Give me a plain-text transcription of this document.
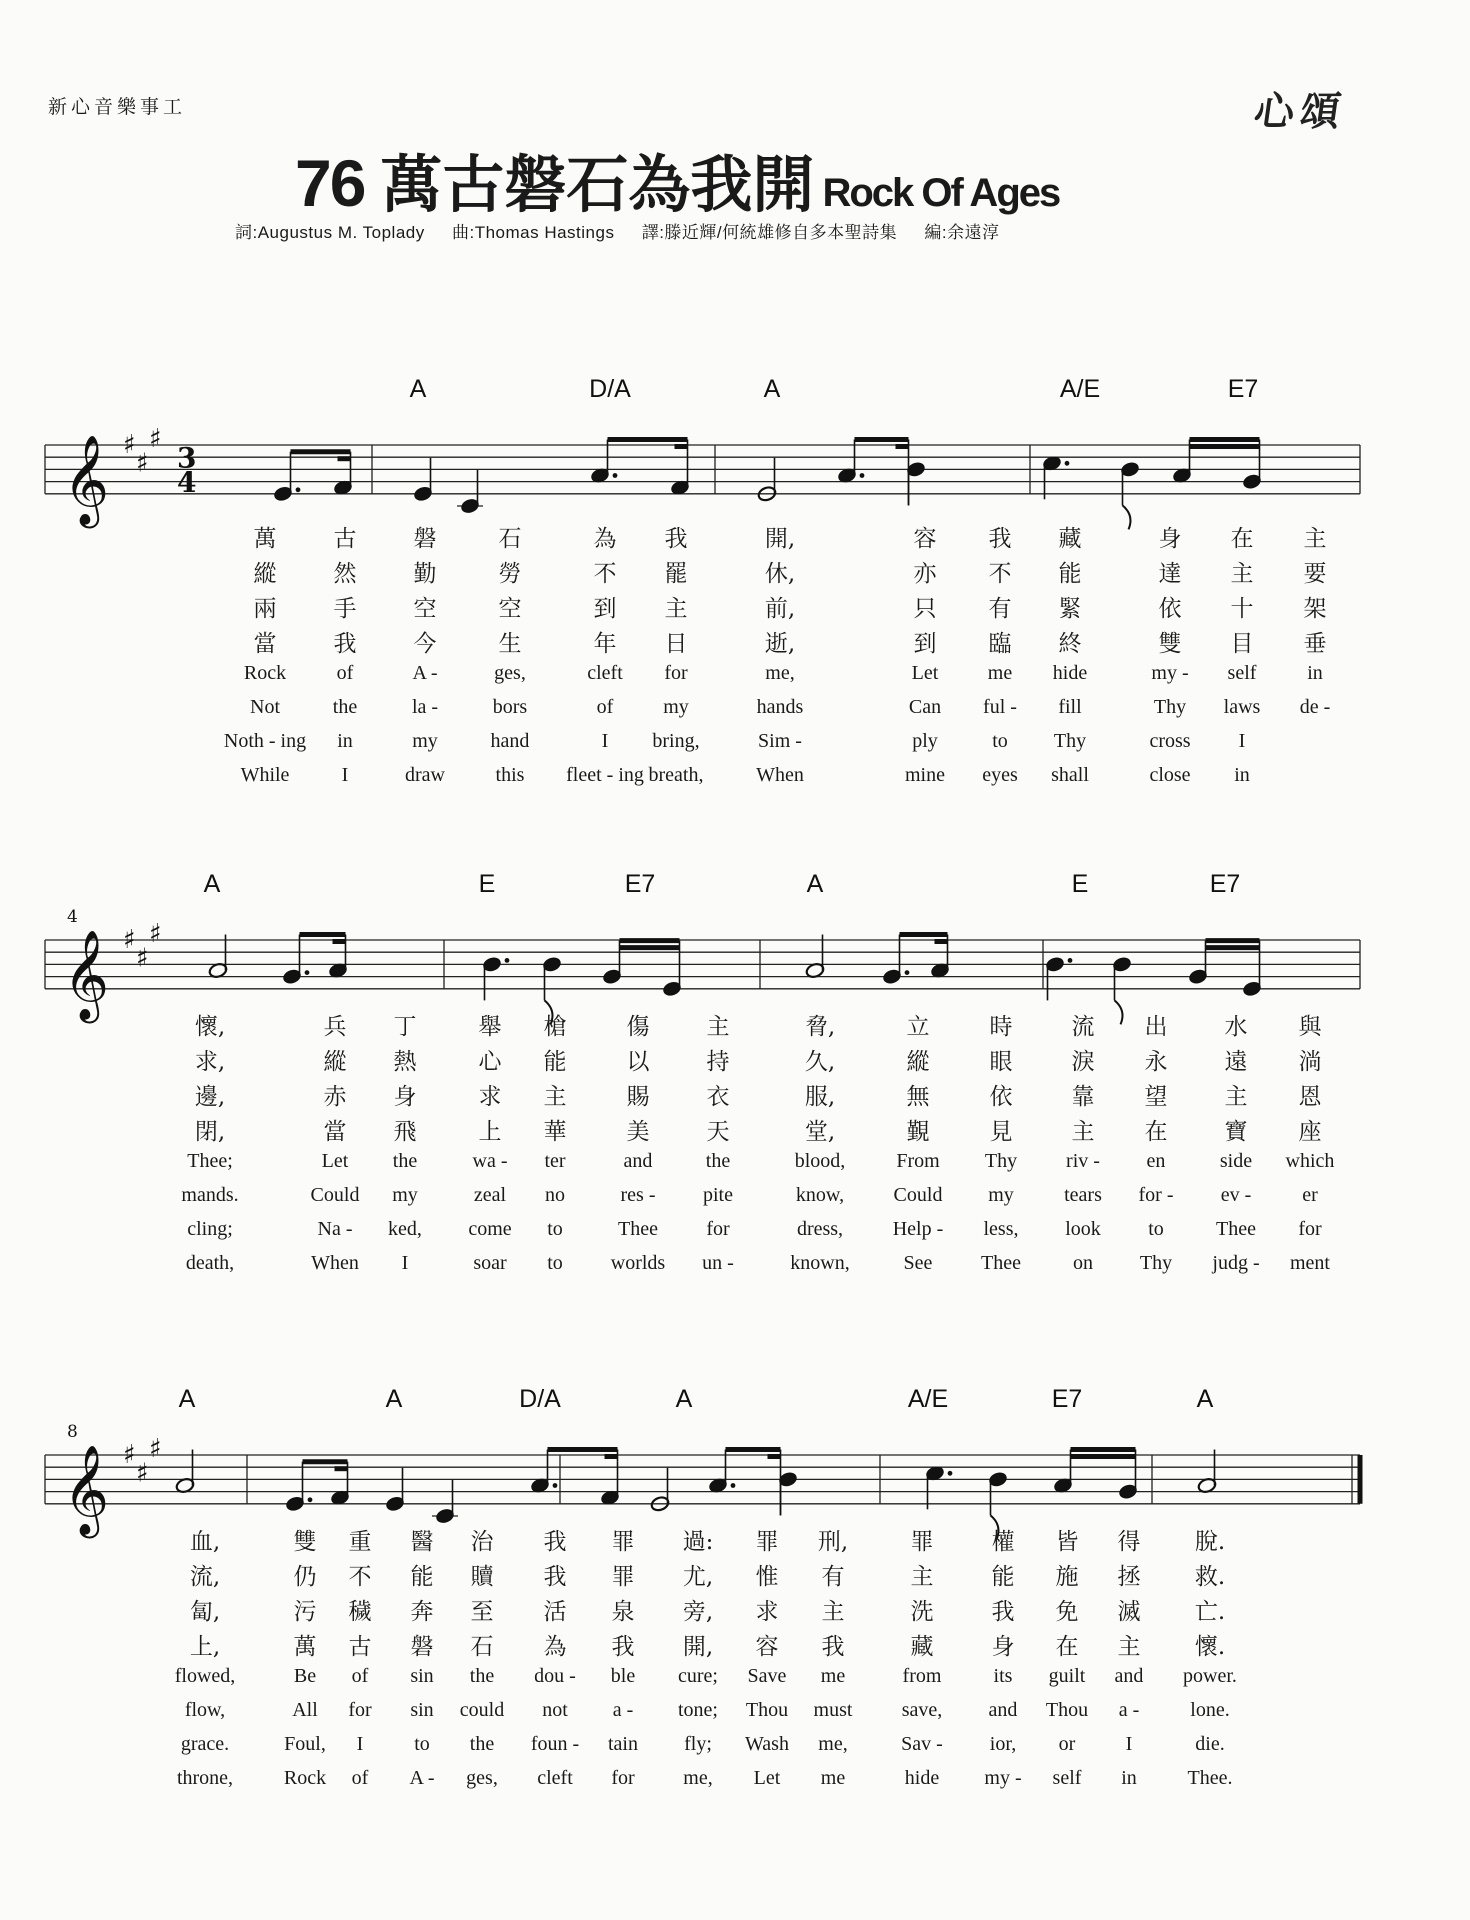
新心音樂事工	心頌
76 萬古磐石為我開 Rock Of Ages
詞:Augustus M. Toplady 曲:Thomas Hastings 譯:滕近輝/何統雄修自多本聖詩集 編:余遠淳
𝄞 ♯
♯
♯
3
4
A	D/A	A	A/E	E7
𝄞 ♯
♯
♯
4
A	E	E7	A	E	E7
𝄞 ♯
♯
♯
8
A	A	D/A	A	A/E	E7	A
萬 古 磐	石	為 我	開,	容 我 藏	身 在 主
縱 然 勤	勞	不 罷	休,	亦 不 能	達 主 要
兩 手 空	空	到 主	前,	只 有 緊	依 十 架
當 我 今	生	年 日	逝,	到 臨 終	雙 目 垂
Rock	of	A -	ges,	cleft for	me,	Let me hide	my - self	in
Not	the	la -	bors	of my	hands	Can ful - fill	Thy laws de -
Noth - ing in	my	hand	I bring,	Sim -	ply	to Thy	cross I
While	I	draw	this fleet - ing breath,	When	mine eyes shall	close in
懷,	兵 丁	舉 槍	傷 主	脅,	立	時	流 出 水 與
求,	縱 熱	心 能	以 持	久,	縱	眼	淚 永 遠 淌
邊,	赤 身	求 主	賜 衣	服,	無	依	靠 望 主 恩
閉,	當 飛	上 華	美 天	堂,	覲	見	主 在 寶 座
Thee;	Let the	wa - ter	and	the	blood,	From Thy riv - en	side which
mands.	Could my	zeal no	res - pite	know, Could my	tears for - ev -	er
cling;	Na - ked, come to	Thee for	dress, Help - less, look to	Thee for
death,	When I	soar to worlds un -	known,	See Thee	on Thy judg - ment
血,	雙 重 醫 治 我 罪 過: 罪 刑,	罪	權 皆 得 脫.
流,	仍 不 能 贖 我 罪 尤, 惟 有	主	能 施 拯 救.
匐,	污 穢 奔 至 活 泉 旁, 求 主	洗	我 免 滅 亡.
上,	萬 古 磐 石 為 我 開, 容 我	藏	身 在 主 懷.
flowed,	Be of sin the dou - ble cure; Save me	from	its guilt and power.
flow,	All for sin could not a - tone; Thou must save, and Thou a -	lone.
grace.	Foul, I	to the foun - tain fly; Wash me,	Sav - ior, or	I	die.
throne,	Rock of A - ges, cleft for me, Let me	hide my - self in	Thee.
